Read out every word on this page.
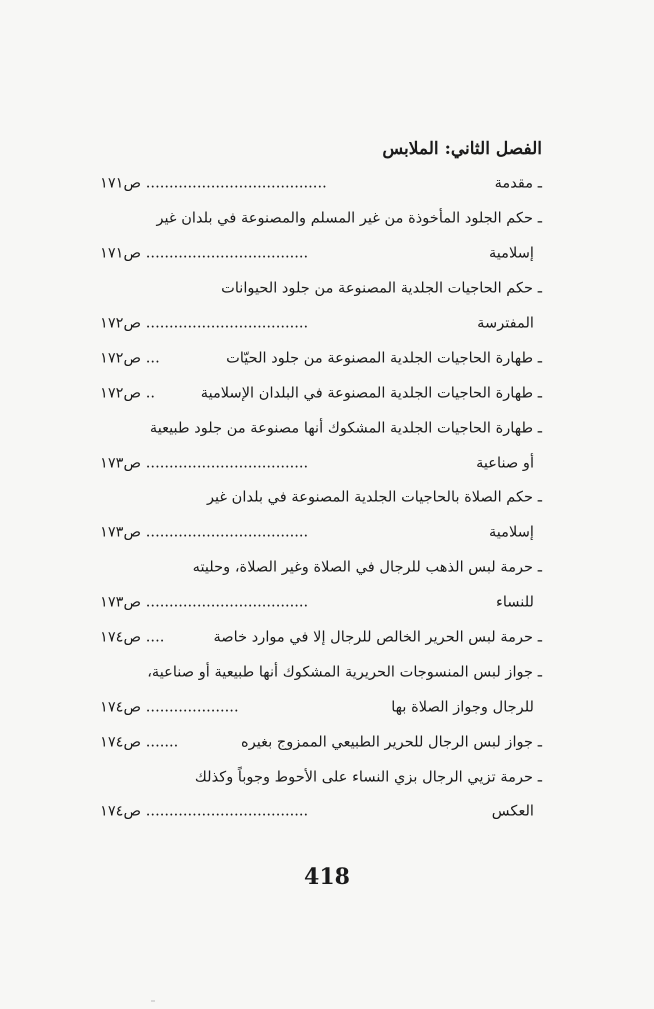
الفصل الثاني: الملابس
ـ مقدمة
....................................... ص١٧١
ـ حكم الجلود المأخوذة من غير المسلم والمصنوعة في بلدان غير
إسلامية
................................... ص١٧١
ـ حكم الحاجيات الجلدية المصنوعة من جلود الحيوانات
المفترسة
................................... ص١٧٢
ـ طهارة الحاجيات الجلدية المصنوعة من جلود الحيّات
... ص١٧٢
ـ طهارة الحاجيات الجلدية المصنوعة في البلدان الإسلامية
.. ص١٧٢
ـ طهارة الحاجيات الجلدية المشكوك أنها مصنوعة من جلود طبيعية
أو صناعية
................................... ص١٧٣
ـ حكم الصلاة بالحاجيات الجلدية المصنوعة في بلدان غير
إسلامية
................................... ص١٧٣
ـ حرمة لبس الذهب للرجال في الصلاة وغير الصلاة، وحليته
للنساء
................................... ص١٧٣
ـ حرمة لبس الحرير الخالص للرجال إلا في موارد خاصة
.... ص١٧٤
ـ جواز لبس المنسوجات الحريرية المشكوك أنها طبيعية أو صناعية،
للرجال وجواز الصلاة بها
.................... ص١٧٤
ـ جواز لبس الرجال للحرير الطبيعي الممزوج بغيره
....... ص١٧٤
ـ حرمة تزيي الرجال بزي النساء على الأحوط وجوباً وكذلك
العكس
................................... ص١٧٤
418
